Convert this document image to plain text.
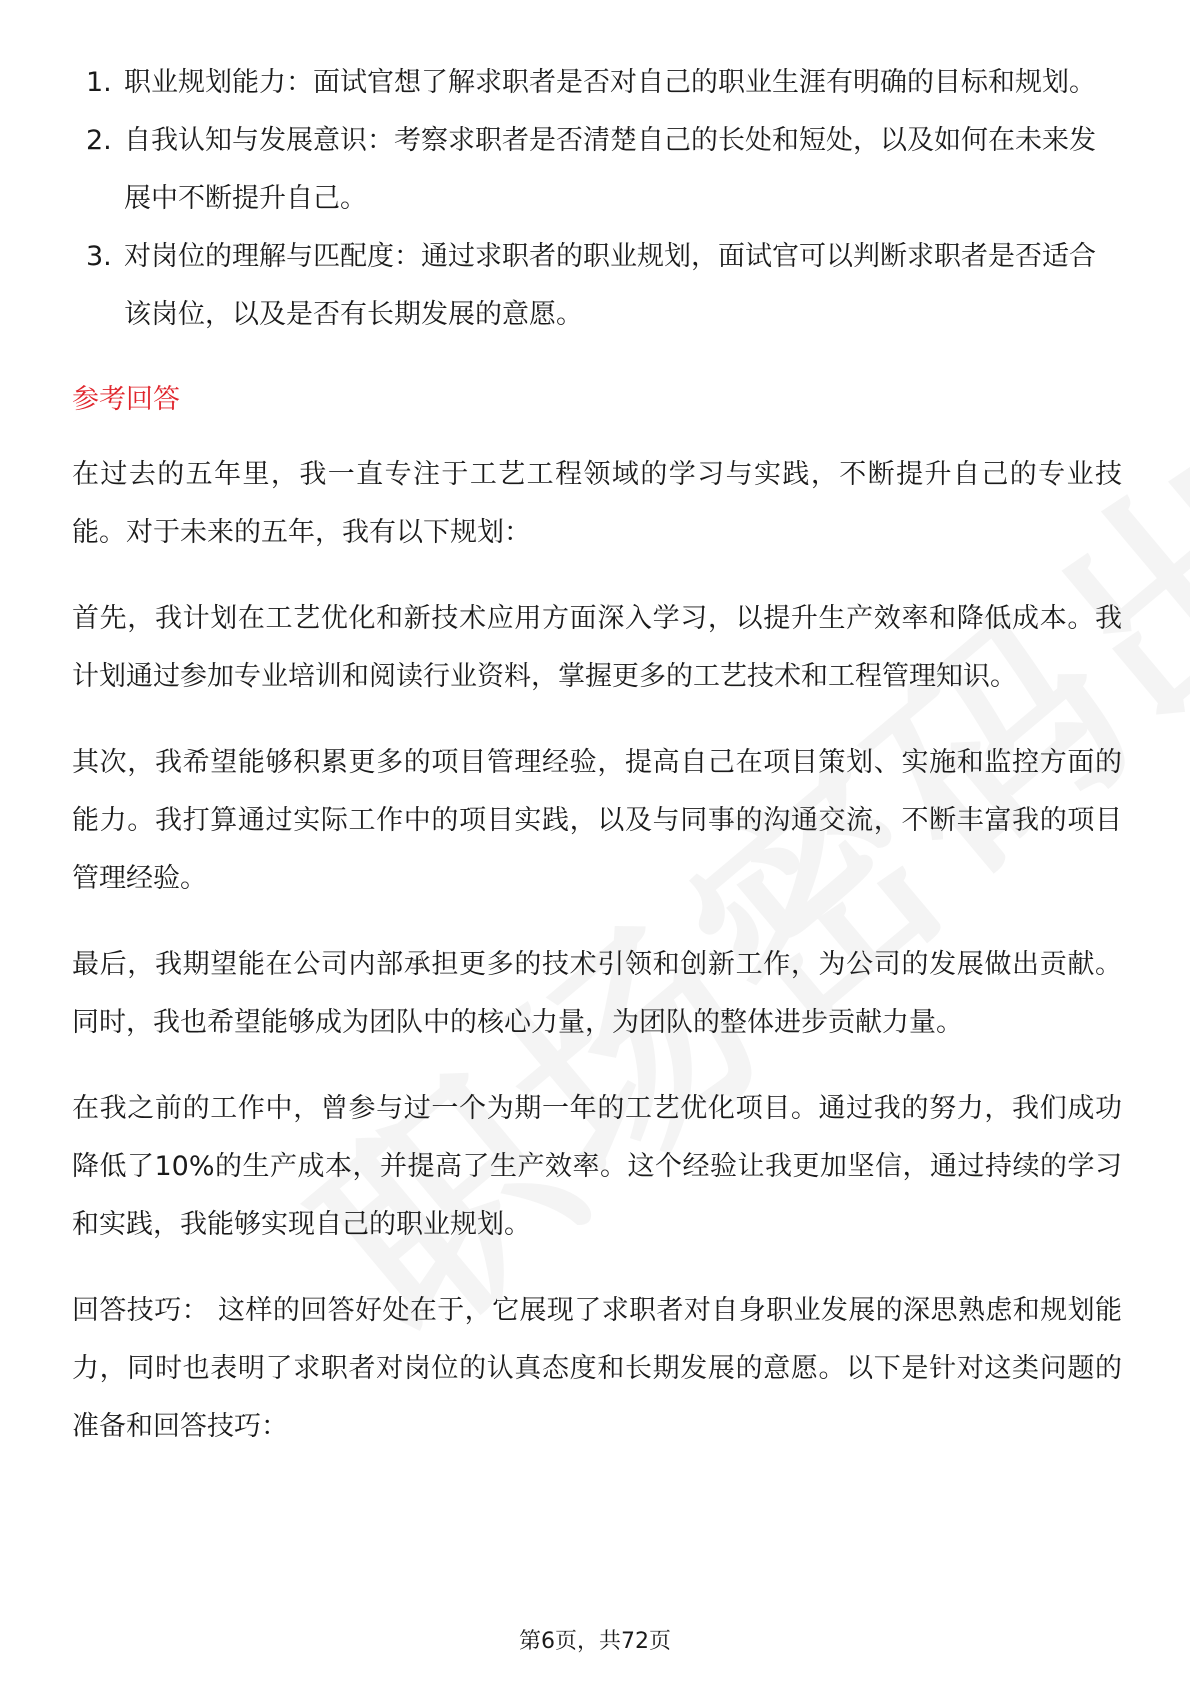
1. 职业规划能力：面试官想了解求职者是否对自己的职业生涯有明确的目标和规划。
2. 自我认知与发展意识：考察求职者是否清楚自己的长处和短处，以及如何在未来发展中不断提升自己。
3. 对岗位的理解与匹配度：通过求职者的职业规划，面试官可以判断求职者是否适合该岗位，以及是否有长期发展的意愿。
参考回答

在过去的五年里，我一直专注于工艺工程领域的学习与实践，不断提升自己的专业技能。对于未来的五年，我有以下规划：

首先，我计划在工艺优化和新技术应用方面深入学习，以提升生产效率和降低成本。我计划通过参加专业培训和阅读行业资料，掌握更多的工艺技术和工程管理知识。

其次，我希望能够积累更多的项目管理经验，提高自己在项目策划、实施和监控方面的能力。我打算通过实际工作中的项目实践，以及与同事的沟通交流，不断丰富我的项目管理经验。

最后，我期望能在公司内部承担更多的技术引领和创新工作，为公司的发展做出贡献。同时，我也希望能够成为团队中的核心力量，为团队的整体进步贡献力量。

在我之前的工作中，曾参与过一个为期一年的工艺优化项目。通过我的努力，我们成功降低了10%的生产成本，并提高了生产效率。这个经验让我更加坚信，通过持续的学习和实践，我能够实现自己的职业规划。

回答技巧： 这样的回答好处在于，它展现了求职者对自身职业发展的深思熟虑和规划能力，同时也表明了求职者对岗位的认真态度和长期发展的意愿。以下是针对这类问题的准备和回答技巧：

第6页，共72页
